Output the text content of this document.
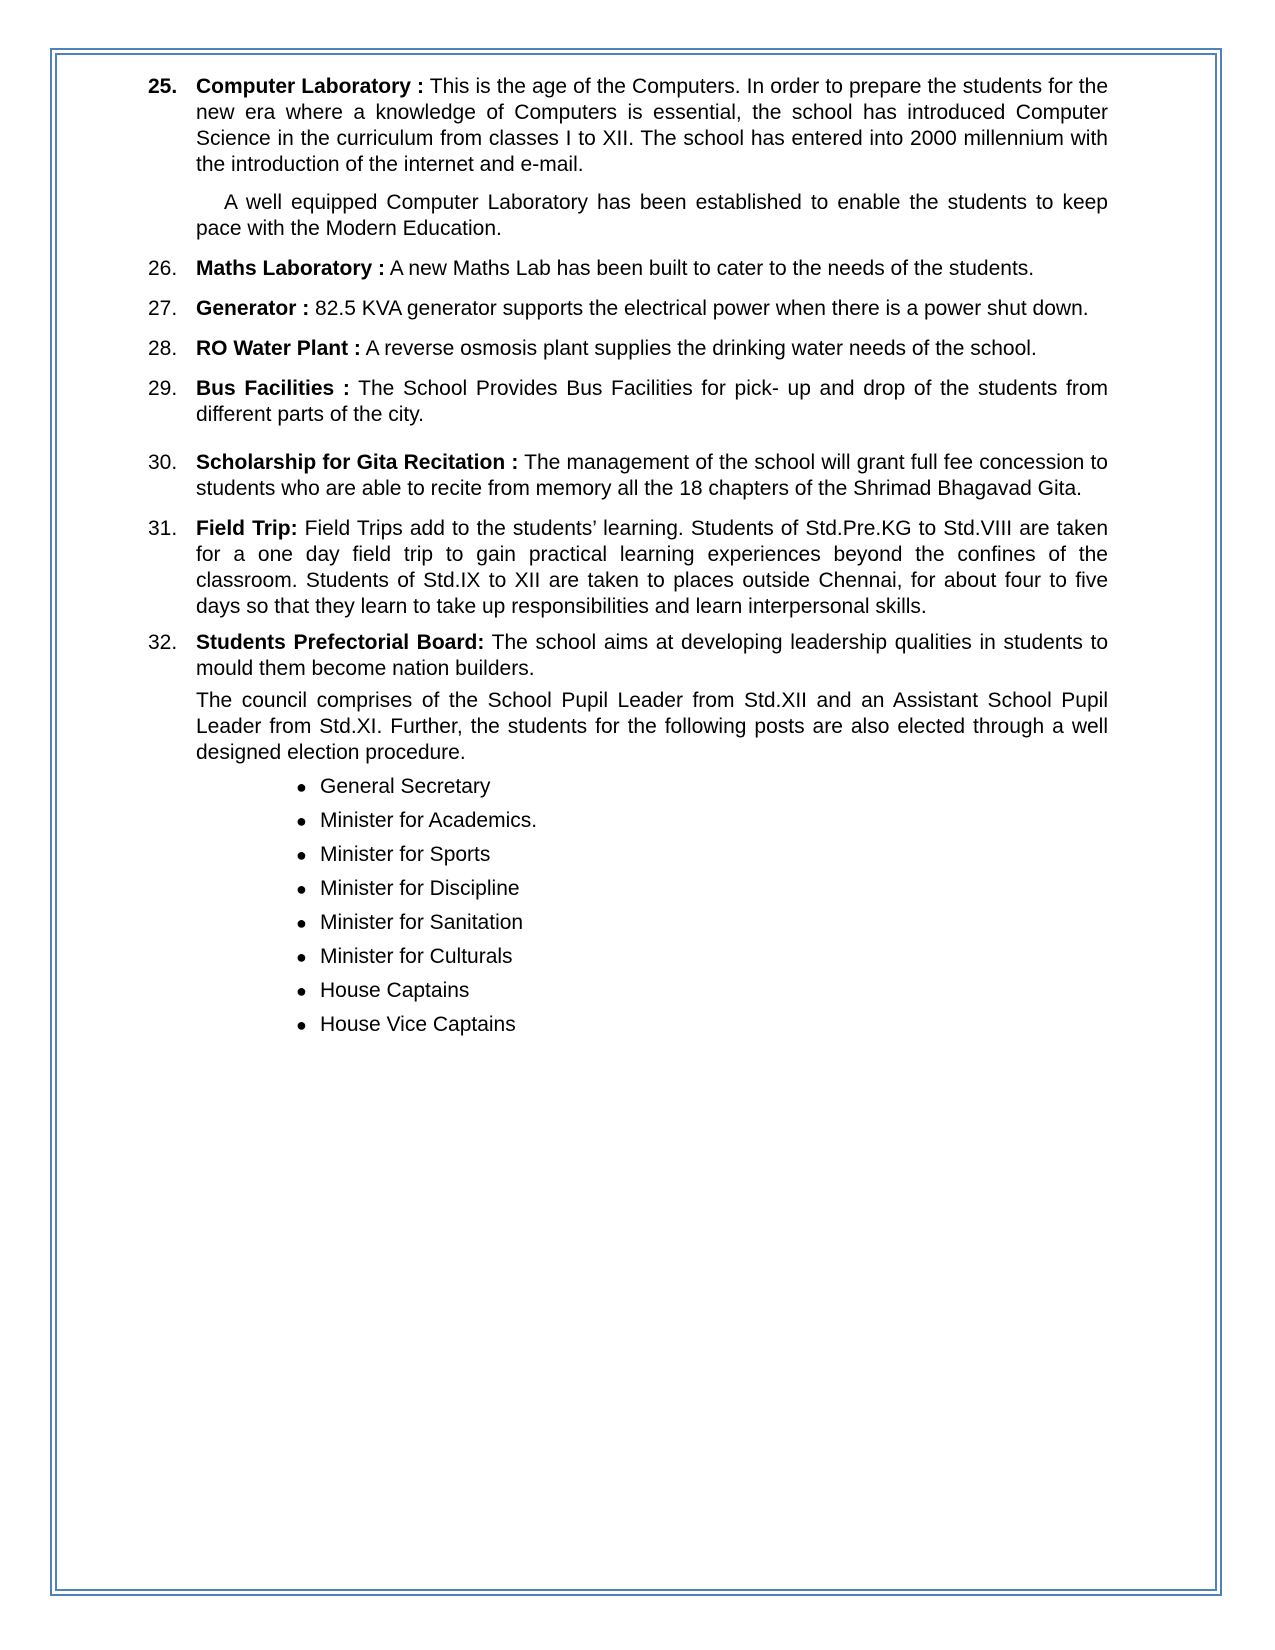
25. Computer Laboratory : This is the age of the Computers. In order to prepare the students for the new era where a knowledge of Computers is essential, the school has introduced Computer Science in the curriculum from classes I to XII. The school has entered into 2000 millennium with the introduction of the internet and e-mail.

A well equipped Computer Laboratory has been established to enable the students to keep pace with the Modern Education.

26. Maths Laboratory : A new Maths Lab has been built to cater to the needs of the students.

27. Generator : 82.5 KVA generator supports the electrical power when there is a power shut down.

28. RO Water Plant : A reverse osmosis plant supplies the drinking water needs of the school.

29. Bus Facilities : The School Provides Bus Facilities for pick- up and drop of the students from different parts of the city.

30. Scholarship for Gita Recitation : The management of the school will grant full fee concession to students who are able to recite from memory all the 18 chapters of the Shrimad Bhagavad Gita.

31. Field Trip: Field Trips add to the students’ learning. Students of Std.Pre.KG to Std.VIII are taken for a one day field trip to gain practical learning experiences beyond the confines of the classroom. Students of Std.IX to XII are taken to places outside Chennai, for about four to five days so that they learn to take up responsibilities and learn interpersonal skills.

32. Students Prefectorial Board: The school aims at developing leadership qualities in students to mould them become nation builders.

The council comprises of the School Pupil Leader from Std.XII and an Assistant School Pupil Leader from Std.XI. Further, the students for the following posts are also elected through a well designed election procedure.

● General Secretary
● Minister for Academics.
● Minister for Sports
● Minister for Discipline
● Minister for Sanitation
● Minister for Culturals
● House Captains
● House Vice Captains
